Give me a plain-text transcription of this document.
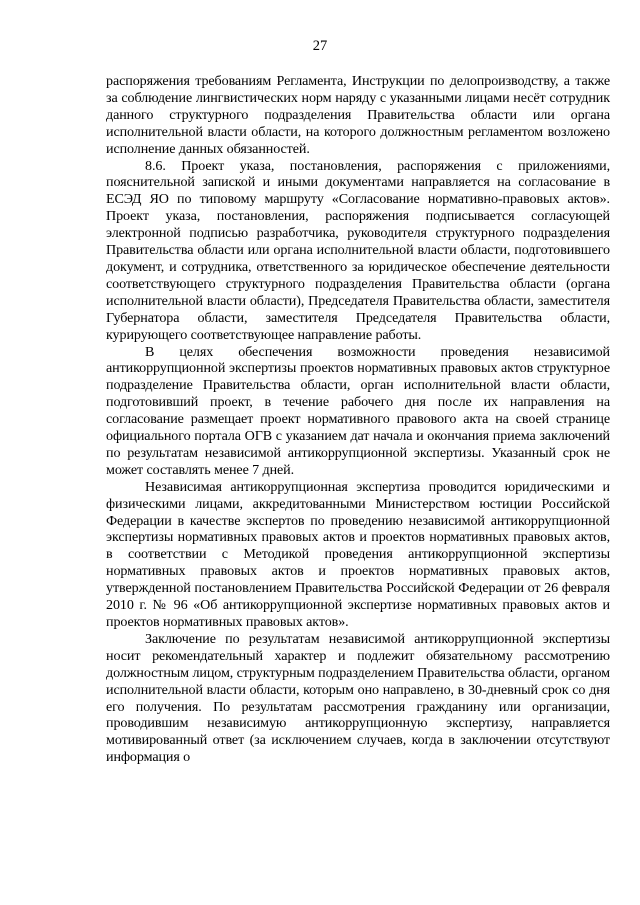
27

распоряжения требованиям Регламента, Инструкции по делопроизводству, а также за соблюдение лингвистических норм наряду с указанными лицами несёт сотрудник данного структурного подразделения Правительства области или органа исполнительной власти области, на которого должностным регламентом возложено исполнение данных обязанностей.

8.6. Проект указа, постановления, распоряжения с приложениями, пояснительной запиской и иными документами направляется на согласование в ЕСЭД ЯО по типовому маршруту «Согласование нормативно-правовых актов». Проект указа, постановления, распоряжения подписывается согласующей электронной подписью разработчика, руководителя структурного подразделения Правительства области или органа исполнительной власти области, подготовившего документ, и сотрудника, ответственного за юридическое обеспечение деятельности соответствующего структурного подразделения Правительства области (органа исполнительной власти области), Председателя Правительства области, заместителя Губернатора области, заместителя Председателя Правительства области, курирующего соответствующее направление работы.

В целях обеспечения возможности проведения независимой антикоррупционной экспертизы проектов нормативных правовых актов структурное подразделение Правительства области, орган исполнительной власти области, подготовивший проект, в течение рабочего дня после их направления на согласование размещает проект нормативного правового акта на своей странице официального портала ОГВ с указанием дат начала и окончания приема заключений по результатам независимой антикоррупционной экспертизы. Указанный срок не может составлять менее 7 дней.

Независимая антикоррупционная экспертиза проводится юридическими и физическими лицами, аккредитованными Министерством юстиции Российской Федерации в качестве экспертов по проведению независимой антикоррупционной экспертизы нормативных правовых актов и проектов нормативных правовых актов, в соответствии с Методикой проведения антикоррупционной экспертизы нормативных правовых актов и проектов нормативных правовых актов, утвержденной постановлением Правительства Российской Федерации от 26 февраля 2010 г. № 96 «Об антикоррупционной экспертизе нормативных правовых актов и проектов нормативных правовых актов».

Заключение по результатам независимой антикоррупционной экспертизы носит рекомендательный характер и подлежит обязательному рассмотрению должностным лицом, структурным подразделением Правительства области, органом исполнительной власти области, которым оно направлено, в 30-дневный срок со дня его получения. По результатам рассмотрения гражданину или организации, проводившим независимую антикоррупционную экспертизу, направляется мотивированный ответ (за исключением случаев, когда в заключении отсутствуют информация о
